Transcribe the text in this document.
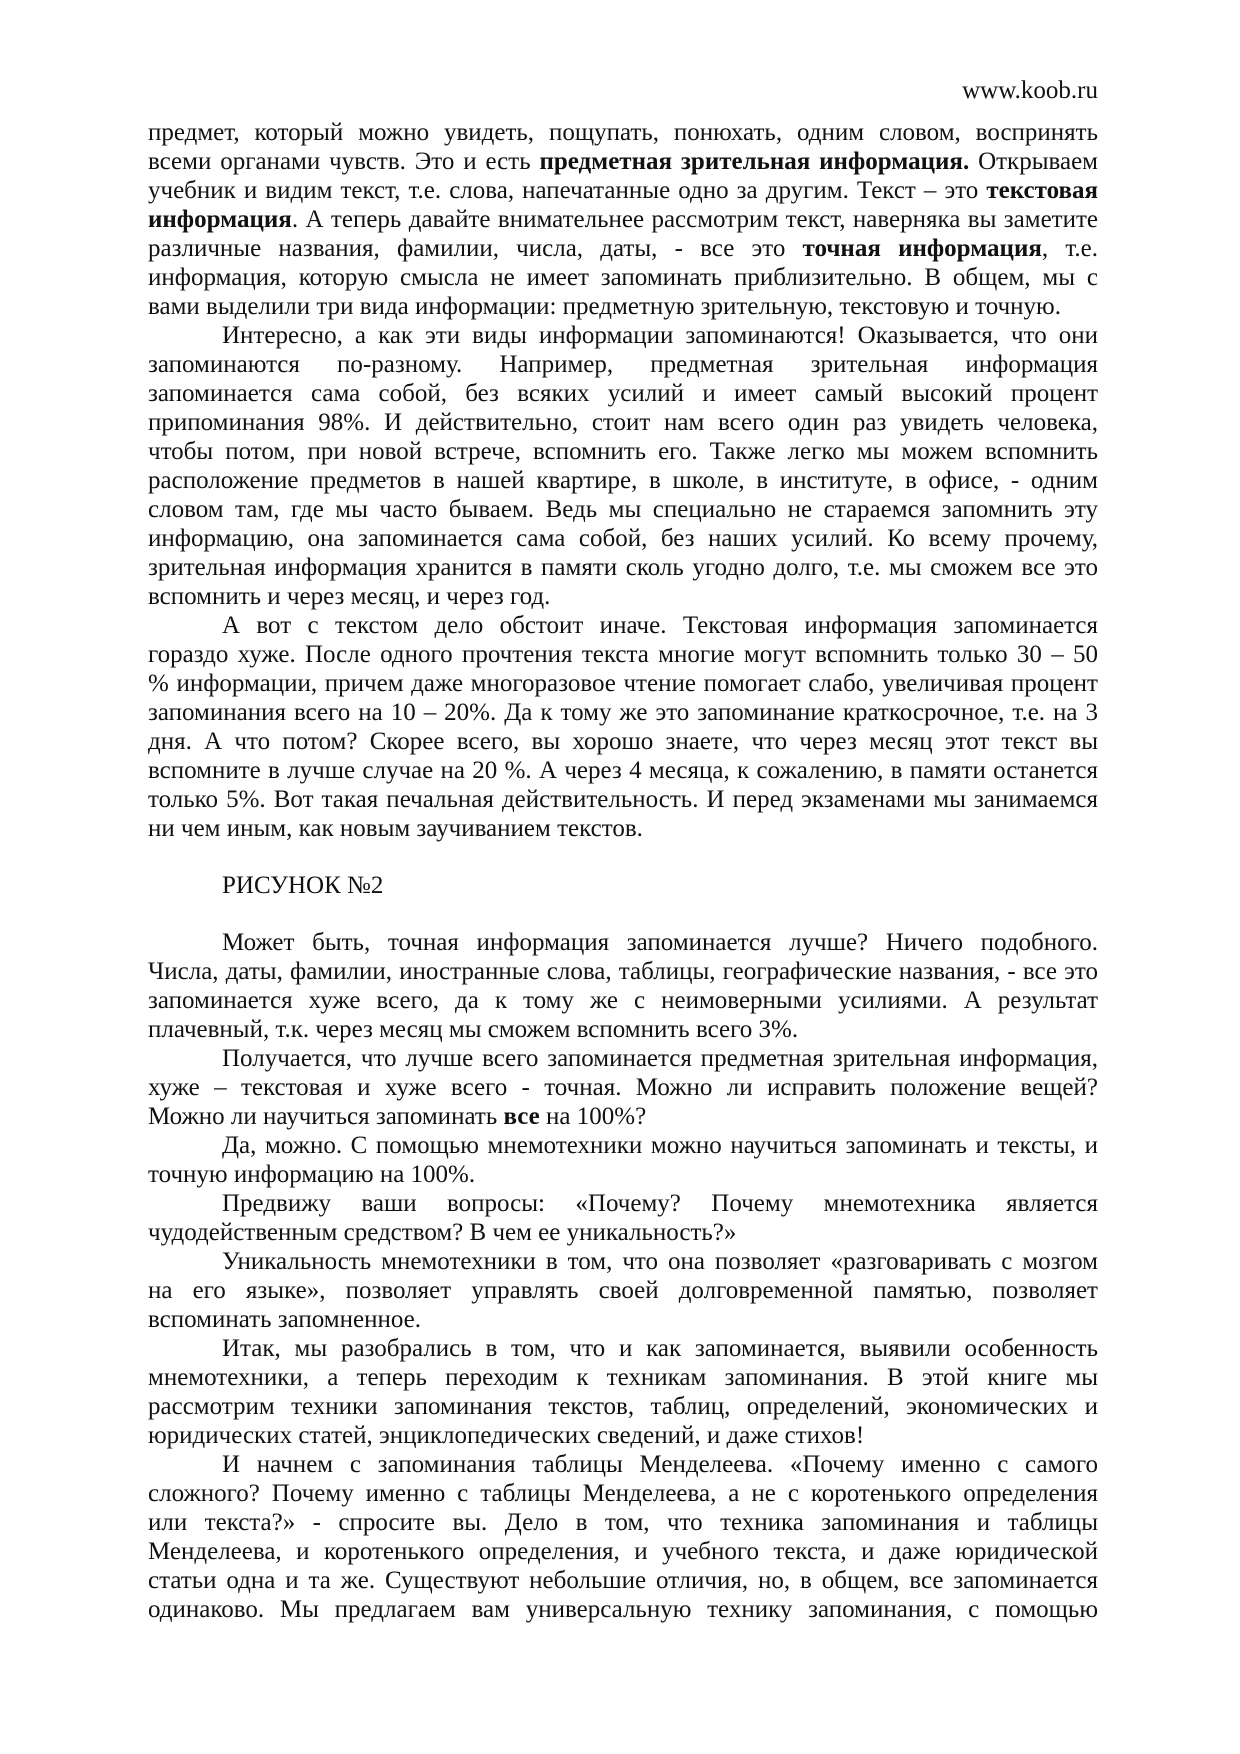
www.koob.ru
предмет, который можно увидеть, пощупать, понюхать, одним словом, воспринять
всеми органами чувств. Это и есть предметная зрительная информация. Открываем
учебник и видим текст, т.е. слова, напечатанные одно за другим. Текст – это текстовая
информация. А теперь давайте внимательнее рассмотрим текст, наверняка вы заметите
различные названия, фамилии, числа, даты, - все это точная информация, т.е.
информация, которую смысла не имеет запоминать приблизительно. В общем, мы с
вами выделили три вида информации: предметную зрительную, текстовую и точную.
Интересно, а как эти виды информации запоминаются! Оказывается, что они
запоминаются по-разному. Например, предметная зрительная информация
запоминается сама собой, без всяких усилий и имеет самый высокий процент
припоминания 98%. И действительно, стоит нам всего один раз увидеть человека,
чтобы потом, при новой встрече, вспомнить его. Также легко мы можем вспомнить
расположение предметов в нашей квартире, в школе, в институте, в офисе, - одним
словом там, где мы часто бываем. Ведь мы специально не стараемся запомнить эту
информацию, она запоминается сама собой, без наших усилий. Ко всему прочему,
зрительная информация хранится в памяти сколь угодно долго, т.е. мы сможем все это
вспомнить и через месяц, и через год.
А вот с текстом дело обстоит иначе. Текстовая информация запоминается
гораздо хуже. После одного прочтения текста многие могут вспомнить только 30 – 50
% информации, причем даже многоразовое чтение помогает слабо, увеличивая процент
запоминания всего на 10 – 20%. Да к тому же это запоминание краткосрочное, т.е. на 3
дня. А что потом? Скорее всего, вы хорошо знаете, что через месяц этот текст вы
вспомните в лучше случае на 20 %. А через 4 месяца, к сожалению, в памяти останется
только 5%. Вот такая печальная действительность. И перед экзаменами мы занимаемся
ни чем иным, как новым заучиванием текстов.
РИСУНОК №2
Может быть, точная информация запоминается лучше? Ничего подобного.
Числа, даты, фамилии, иностранные слова, таблицы, географические названия, - все это
запоминается хуже всего, да к тому же с неимоверными усилиями. А результат
плачевный, т.к. через месяц мы сможем вспомнить всего 3%.
Получается, что лучше всего запоминается предметная зрительная информация,
хуже – текстовая и хуже всего - точная. Можно ли исправить положение вещей?
Можно ли научиться запоминать все на 100%?
Да, можно. С помощью мнемотехники можно научиться запоминать и тексты, и
точную информацию на 100%.
Предвижу ваши вопросы: «Почему? Почему мнемотехника является
чудодейственным средством? В чем ее уникальность?»
Уникальность мнемотехники в том, что она позволяет «разговаривать с мозгом
на его языке», позволяет управлять своей долговременной памятью, позволяет
вспоминать запомненное.
Итак, мы разобрались в том, что и как запоминается, выявили особенность
мнемотехники, а теперь переходим к техникам запоминания. В этой книге мы
рассмотрим техники запоминания текстов, таблиц, определений, экономических и
юридических статей, энциклопедических сведений, и даже стихов!
И начнем с запоминания таблицы Менделеева. «Почему именно с самого
сложного? Почему именно с таблицы Менделеева, а не с коротенького определения
или текста?» - спросите вы. Дело в том, что техника запоминания и таблицы
Менделеева, и коротенького определения, и учебного текста, и даже юридической
статьи одна и та же. Существуют небольшие отличия, но, в общем, все запоминается
одинаково. Мы предлагаем вам универсальную технику запоминания, с помощью
